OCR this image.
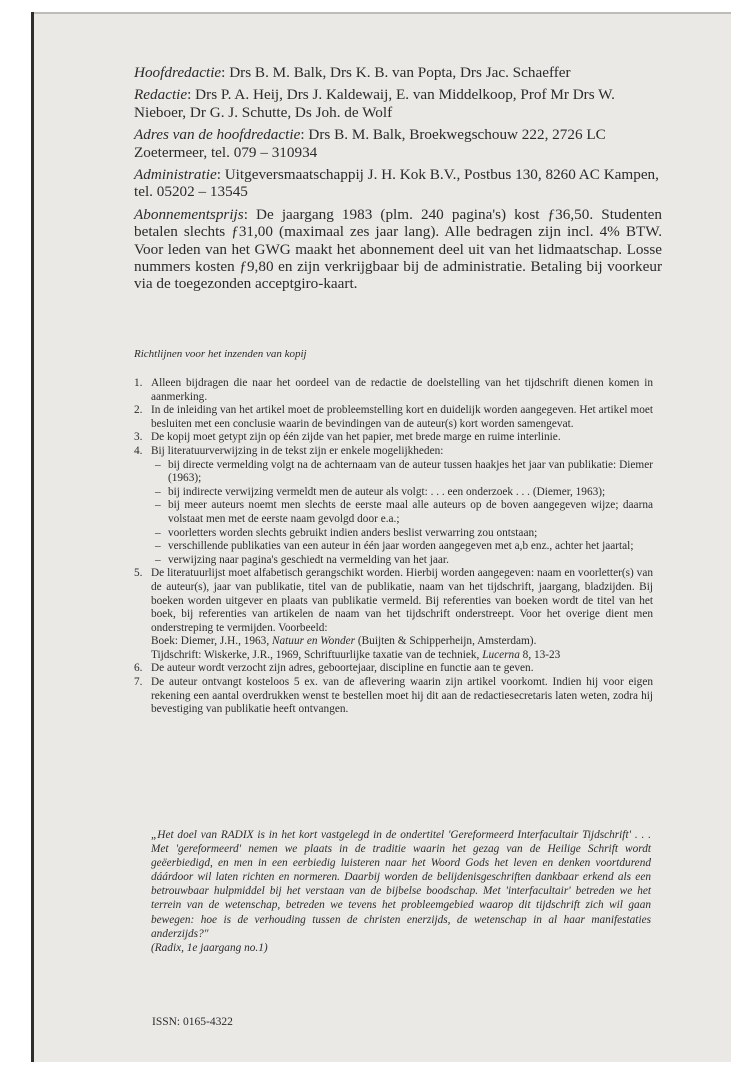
Hoofdredactie: Drs B. M. Balk, Drs K. B. van Popta, Drs Jac. Schaeffer

Redactie: Drs P. A. Heij, Drs J. Kaldewaij, E. van Middelkoop, Prof Mr Drs W. Nieboer, Dr G. J. Schutte, Ds Joh. de Wolf

Adres van de hoofdredactie: Drs B. M. Balk, Broekwegschouw 222, 2726 LC Zoetermeer, tel. 079 – 310934

Administratie: Uitgeversmaatschappij J. H. Kok B.V., Postbus 130, 8260 AC Kampen, tel. 05202 – 13545

Abonnementsprijs: De jaargang 1983 (plm. 240 pagina's) kost ƒ36,50. Studenten betalen slechts ƒ31,00 (maximaal zes jaar lang). Alle bedragen zijn incl. 4% BTW. Voor leden van het GWG maakt het abonnement deel uit van het lidmaatschap. Losse nummers kosten ƒ9,80 en zijn verkrijgbaar bij de administratie. Betaling bij voorkeur via de toegezonden acceptgiro-kaart.

Richtlijnen voor het inzenden van kopij
1. Alleen bijdragen die naar het oordeel van de redactie de doelstelling van het tijdschrift dienen komen in aanmerking.
2. In de inleiding van het artikel moet de probleemstelling kort en duidelijk worden aangegeven. Het artikel moet besluiten met een conclusie waarin de bevindingen van de auteur(s) kort worden samengevat.
3. De kopij moet getypt zijn op één zijde van het papier, met brede marge en ruime interlinie.
4. Bij literatuurverwijzing in de tekst zijn er enkele mogelijkheden:
– bij directe vermelding volgt na de achternaam van de auteur tussen haakjes het jaar van publikatie: Diemer (1963);
– bij indirecte verwijzing vermeldt men de auteur als volgt: . . . een onderzoek . . . (Diemer, 1963);
– bij meer auteurs noemt men slechts de eerste maal alle auteurs op de boven aangegeven wijze; daarna volstaat men met de eerste naam gevolgd door e.a.;
– voorletters worden slechts gebruikt indien anders beslist verwarring zou ontstaan;
– verschillende publikaties van een auteur in één jaar worden aangegeven met a,b enz., achter het jaartal;
– verwijzing naar pagina's geschiedt na vermelding van het jaar.
5. De literatuurlijst moet alfabetisch gerangschikt worden. Hierbij worden aangegeven: naam en voorletter(s) van de auteur(s), jaar van publikatie, titel van de publikatie, naam van het tijdschrift, jaargang, bladzijden. Bij boeken worden uitgever en plaats van publikatie vermeld. Bij referenties van boeken wordt de titel van het boek, bij referenties van artikelen de naam van het tijdschrift onderstreept. Voor het overige dient men onderstreping te vermijden. Voorbeeld:
Boek: Diemer, J.H., 1963, Natuur en Wonder (Buijten & Schipperheijn, Amsterdam).
Tijdschrift: Wiskerke, J.R., 1969, Schriftuurlijke taxatie van de techniek, Lucerna 8, 13-23
6. De auteur wordt verzocht zijn adres, geboortejaar, discipline en functie aan te geven.
7. De auteur ontvangt kosteloos 5 ex. van de aflevering waarin zijn artikel voorkomt. Indien hij voor eigen rekening een aantal overdrukken wenst te bestellen moet hij dit aan de redactiesecretaris laten weten, zodra hij bevestiging van publikatie heeft ontvangen.

„Het doel van RADIX is in het kort vastgelegd in de ondertitel 'Gereformeerd Interfacultair Tijdschrift' . . . Met 'gereformeerd' nemen we plaats in de traditie waarin het gezag van de Heilige Schrift wordt geëerbiedigd, en men in een eerbiedig luisteren naar het Woord Gods het leven en denken voortdurend dáárdoor wil laten richten en normeren. Daarbij worden de belijdenisgeschriften dankbaar erkend als een betrouwbaar hulpmiddel bij het verstaan van de bijbelse boodschap. Met 'interfacultair' betreden we het terrein van de wetenschap, betreden we tevens het probleemgebied waarop dit tijdschrift zich wil gaan bewegen: hoe is de verhouding tussen de christen enerzijds, de wetenschap in al haar manifestaties anderzijds?"
(Radix, 1e jaargang no.1)

ISSN: 0165-4322
